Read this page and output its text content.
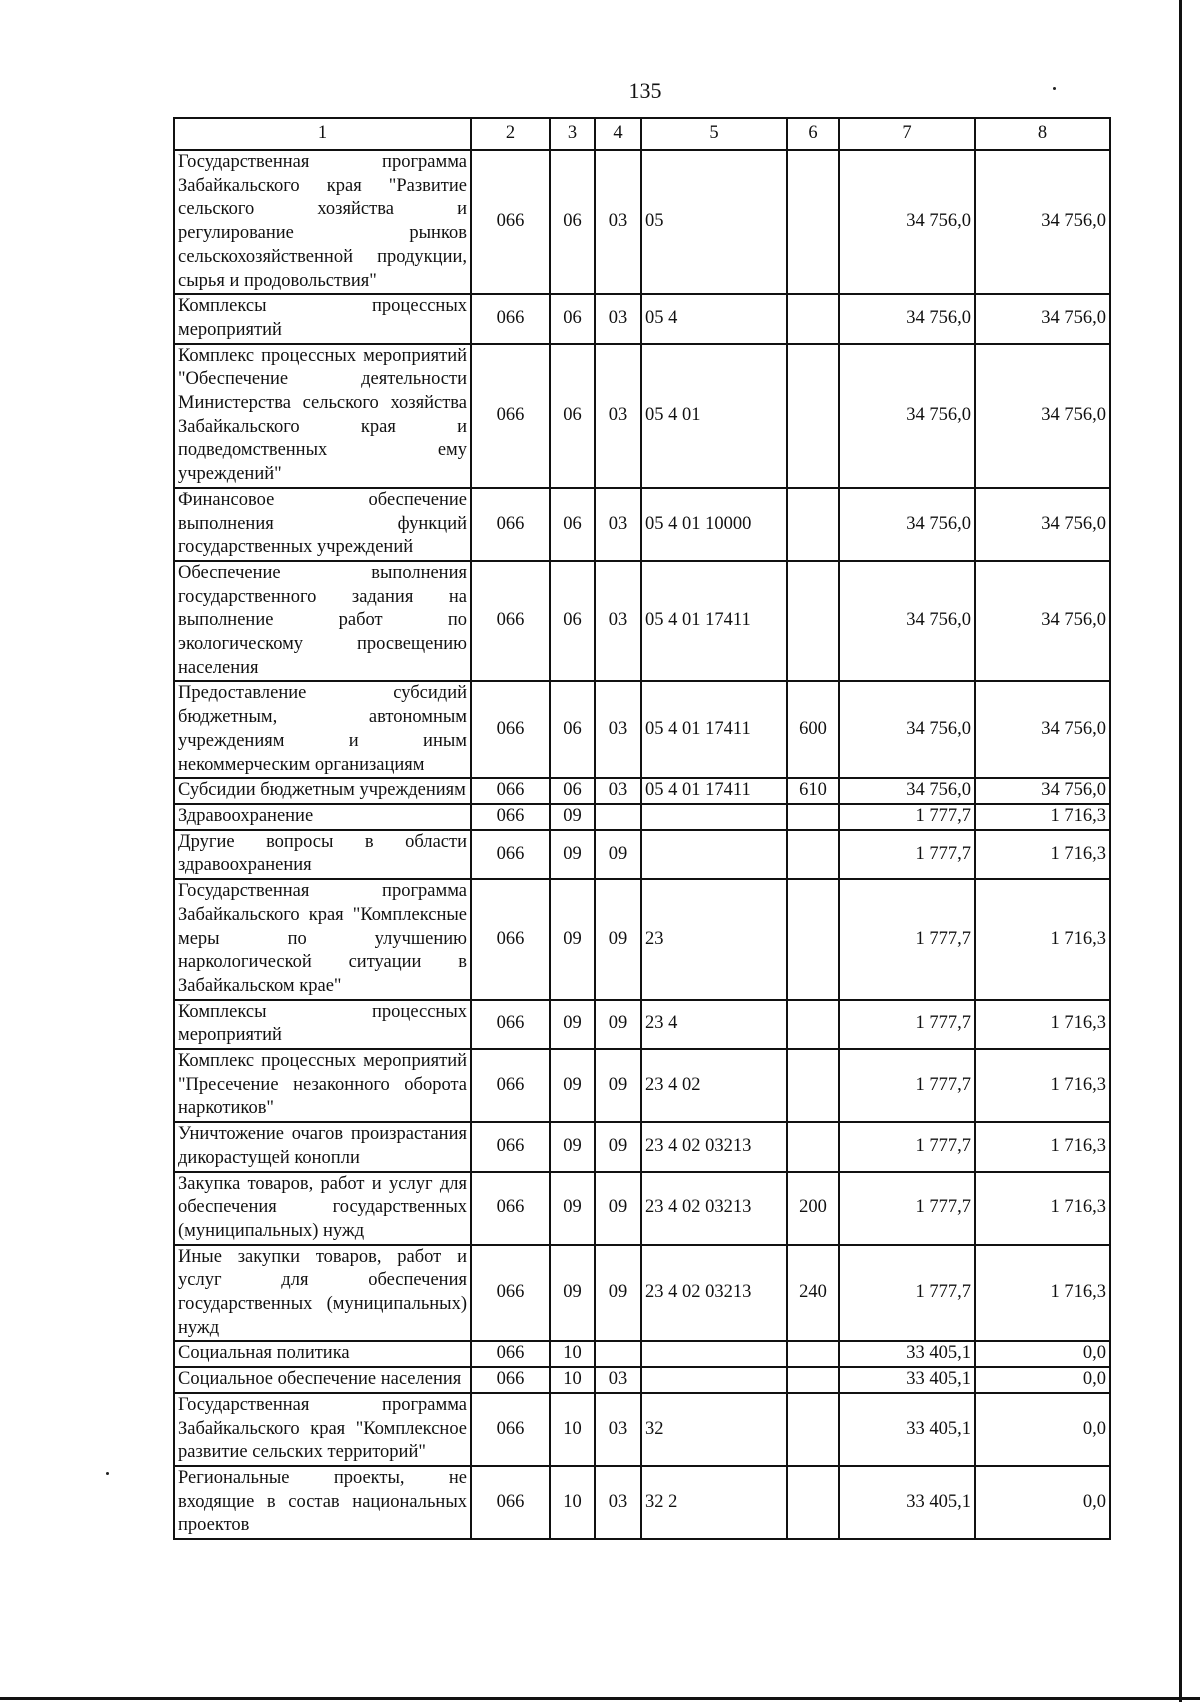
135
1	2	3	4	5	6	7	8
Государственная программа Забайкальского края "Развитие сельского хозяйства и регулирование рынков сельскохозяйственной продукции, сырья и продовольствия"	066	06	03	05		34 756,0	34 756,0
Комплексы процессных мероприятий	066	06	03	05 4		34 756,0	34 756,0
Комплекс процессных мероприятий "Обеспечение деятельности Министерства сельского хозяйства Забайкальского края и подведомственных ему учреждений"	066	06	03	05 4 01		34 756,0	34 756,0
Финансовое обеспечение выполнения функций государственных учреждений	066	06	03	05 4 01 10000		34 756,0	34 756,0
Обеспечение выполнения государственного задания на выполнение работ по экологическому просвещению населения	066	06	03	05 4 01 17411		34 756,0	34 756,0
Предоставление субсидий бюджетным, автономным учреждениям и иным некоммерческим организациям	066	06	03	05 4 01 17411	600	34 756,0	34 756,0
Субсидии бюджетным учреждениям	066	06	03	05 4 01 17411	610	34 756,0	34 756,0
Здравоохранение	066	09				1 777,7	1 716,3
Другие вопросы в области здравоохранения	066	09	09			1 777,7	1 716,3
Государственная программа Забайкальского края "Комплексные меры по улучшению наркологической ситуации в Забайкальском крае"	066	09	09	23		1 777,7	1 716,3
Комплексы процессных мероприятий	066	09	09	23 4		1 777,7	1 716,3
Комплекс процессных мероприятий "Пресечение незаконного оборота наркотиков"	066	09	09	23 4 02		1 777,7	1 716,3
Уничтожение очагов произрастания дикорастущей конопли	066	09	09	23 4 02 03213		1 777,7	1 716,3
Закупка товаров, работ и услуг для обеспечения государственных (муниципальных) нужд	066	09	09	23 4 02 03213	200	1 777,7	1 716,3
Иные закупки товаров, работ и услуг для обеспечения государственных (муниципальных) нужд	066	09	09	23 4 02 03213	240	1 777,7	1 716,3
Социальная политика	066	10				33 405,1	0,0
Социальное обеспечение населения	066	10	03			33 405,1	0,0
Государственная программа Забайкальского края "Комплексное развитие сельских территорий"	066	10	03	32		33 405,1	0,0
Региональные проекты, не входящие в состав национальных проектов	066	10	03	32 2		33 405,1	0,0
